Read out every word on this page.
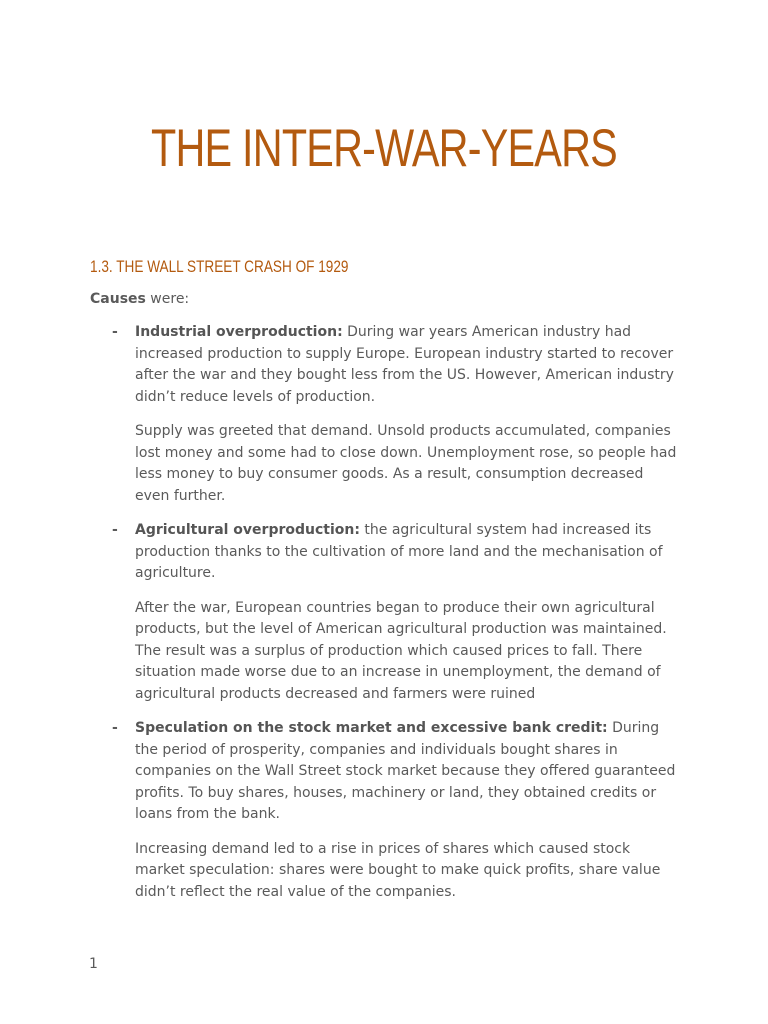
THE INTER-WAR-YEARS
1.3. THE WALL STREET CRASH OF 1929
Causes were:
- Industrial overproduction: During war years American industry had increased production to supply Europe. European industry started to recover after the war and they bought less from the US. However, American industry didn’t reduce levels of production.

Supply was greeted that demand. Unsold products accumulated, companies lost money and some had to close down. Unemployment rose, so people had less money to buy consumer goods. As a result, consumption decreased even further.

- Agricultural overproduction: the agricultural system had increased its production thanks to the cultivation of more land and the mechanisation of agriculture.

After the war, European countries began to produce their own agricultural products, but the level of American agricultural production was maintained. The result was a surplus of production which caused prices to fall. There situation made worse due to an increase in unemployment, the demand of agricultural products decreased and farmers were ruined

- Speculation on the stock market and excessive bank credit: During the period of prosperity, companies and individuals bought shares in companies on the Wall Street stock market because they offered guaranteed profits. To buy shares, houses, machinery or land, they obtained credits or loans from the bank.

Increasing demand led to a rise in prices of shares which caused stock market speculation: shares were bought to make quick profits, share value didn’t reflect the real value of the companies.

1
